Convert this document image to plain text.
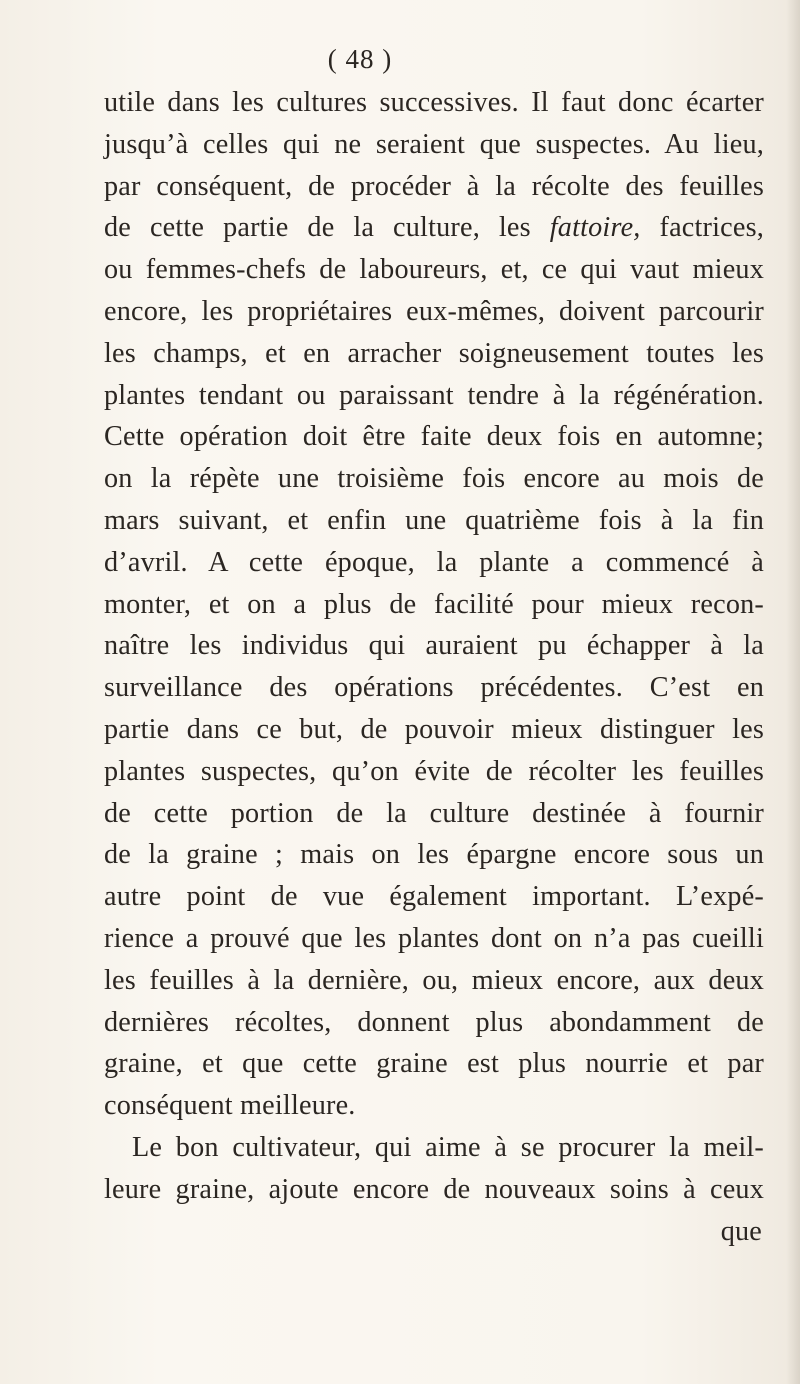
( 48 )
utile dans les cultures successives. Il faut donc écarter
jusqu’à celles qui ne seraient que suspectes. Au lieu,
par conséquent, de procéder à la récolte des feuilles
de cette partie de la culture, les fattoire, factrices,
ou femmes-chefs de laboureurs, et, ce qui vaut mieux
encore, les propriétaires eux-mêmes, doivent parcourir
les champs, et en arracher soigneusement toutes les
plantes tendant ou paraissant tendre à la régénération.
Cette opération doit être faite deux fois en automne;
on la répète une troisième fois encore au mois de
mars suivant, et enfin une quatrième fois à la fin
d’avril. A cette époque, la plante a commencé à
monter, et on a plus de facilité pour mieux recon-
naître les individus qui auraient pu échapper à la
surveillance des opérations précédentes. C’est en
partie dans ce but, de pouvoir mieux distinguer les
plantes suspectes, qu’on évite de récolter les feuilles
de cette portion de la culture destinée à fournir
de la graine ; mais on les épargne encore sous un
autre point de vue également important. L’expé-
rience a prouvé que les plantes dont on n’a pas cueilli
les feuilles à la dernière, ou, mieux encore, aux deux
dernières récoltes, donnent plus abondamment de
graine, et que cette graine est plus nourrie et par
conséquent meilleure.
Le bon cultivateur, qui aime à se procurer la meil-
leure graine, ajoute encore de nouveaux soins à ceux
que
